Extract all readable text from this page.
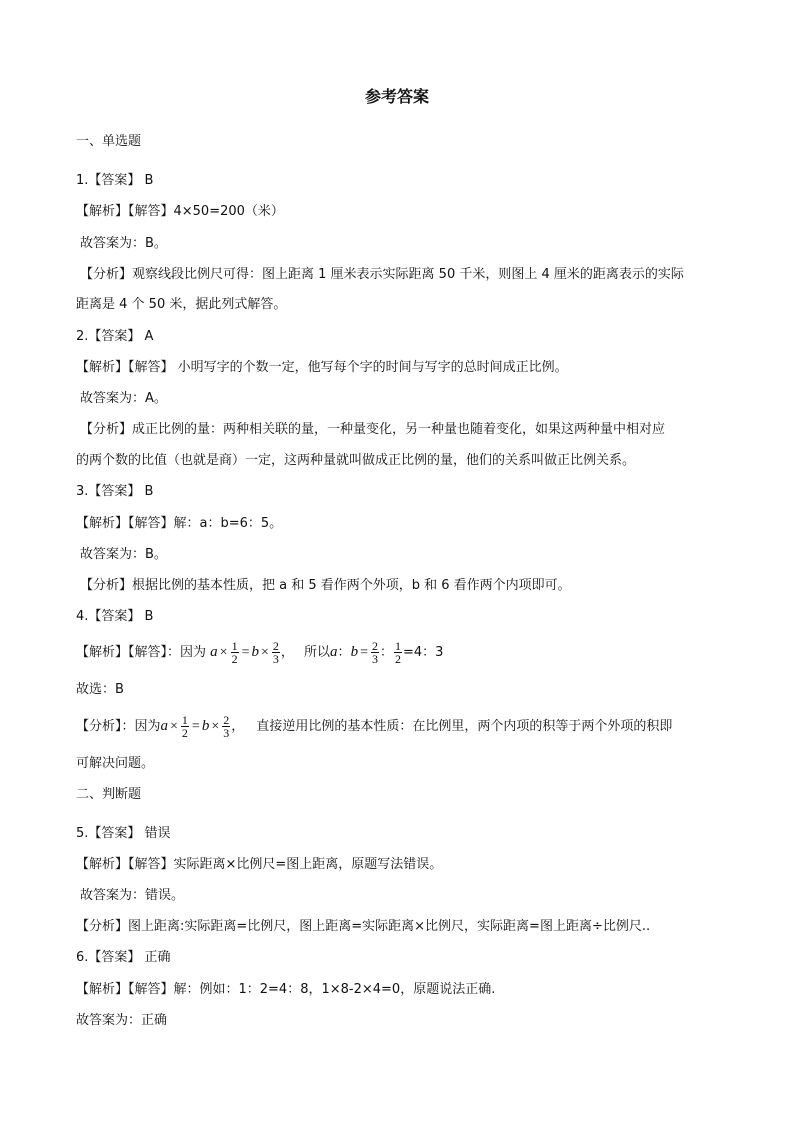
参考答案
一、单选题
1.【答案】 B
【解析】【解答】4×50=200（米）
故答案为：B。
【分析】观察线段比例尺可得：图上距离 1 厘米表示实际距离 50 千米，则图上 4 厘米的距离表示的实际
距离是 4 个 50 米，据此列式解答。
2.【答案】 A
【解析】【解答】 小明写字的个数一定，他写每个字的时间与写字的总时间成正比例。
故答案为：A。
【分析】成正比例的量：两种相关联的量，一种量变化，另一种量也随着变化，如果这两种量中相对应
的两个数的比值（也就是商）一定，这两种量就叫做成正比例的量，他们的关系叫做正比例关系。
3.【答案】 B
【解析】【解答】解：a：b=6：5。
故答案为：B。
【分析】根据比例的基本性质，把 a 和 5 看作两个外项，b 和 6 看作两个内项即可。
4.【答案】 B
【解析】【解答】：因为 $a \times \frac{1}{2} = b \times \frac{2}{3}$ ， 所以a：$b = \frac{2}{3}$ ： $\frac{1}{2} =4$：3
故选：B
【分析】：因为$a \times \frac{1}{2} = b \times \frac{2}{3}$ ， 直接逆用比例的基本性质：在比例里，两个内项的积等于两个外项的积即
可解决问题。
二、判断题
5.【答案】 错误
【解析】【解答】实际距离×比例尺=图上距离，原题写法错误。
故答案为：错误。
【分析】图上距离:实际距离=比例尺，图上距离=实际距离×比例尺，实际距离=图上距离÷比例尺..
6.【答案】 正确
【解析】【解答】解：例如：1：2=4：8，1×8-2×4=0，原题说法正确.
故答案为：正确
